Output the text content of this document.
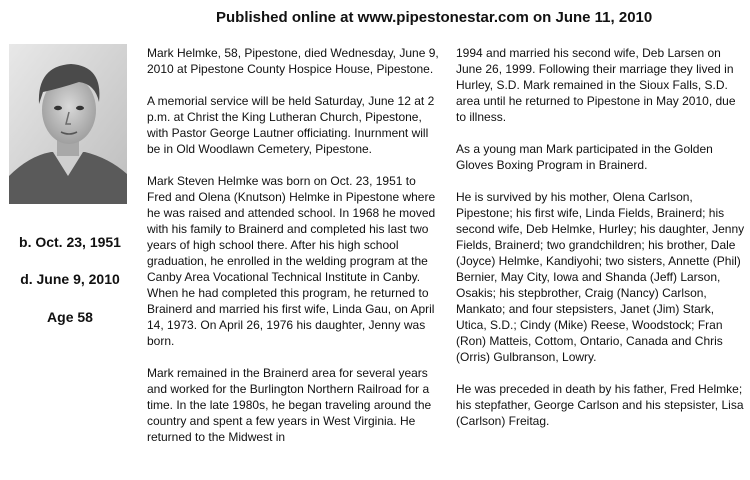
Published online at www.pipestonestar.com on June 11, 2010
b. Oct. 23, 1951
d. June 9, 2010
Age 58

Mark Helmke, 58, Pipestone, died Wednesday, June 9, 2010 at Pipestone County Hospice House, Pipestone.

A memorial service will be held Saturday, June 12 at 2 p.m. at Christ the King Lutheran Church, Pipestone, with Pastor George Lautner officiating. Inurnment will be in Old Woodlawn Cemetery, Pipestone.

Mark Steven Helmke was born on Oct. 23, 1951 to Fred and Olena (Knutson) Helmke in Pipestone where he was raised and attended school. In 1968 he moved with his family to Brainerd and completed his last two years of high school there. After his high school graduation, he enrolled in the welding program at the Canby Area Vocational Technical Institute in Canby. When he had completed this program, he returned to Brainerd and married his first wife, Linda Gau, on April 14, 1973. On April 26, 1976 his daughter, Jenny was born.

Mark remained in the Brainerd area for several years and worked for the Burlington Northern Railroad for a time. In the late 1980s, he began traveling around the country and spent a few years in West Virginia. He returned to the Midwest in

1994 and married his second wife, Deb Larsen on June 26, 1999. Following their marriage they lived in Hurley, S.D. Mark remained in the Sioux Falls, S.D. area until he returned to Pipestone in May 2010, due to illness.

As a young man Mark participated in the Golden Gloves Boxing Program in Brainerd.

He is survived by his mother, Olena Carlson, Pipestone; his first wife, Linda Fields, Brainerd; his second wife, Deb Helmke, Hurley; his daughter, Jenny Fields, Brainerd; two grandchildren; his brother, Dale (Joyce) Helmke, Kandiyohi; two sisters, Annette (Phil) Bernier, May City, Iowa and Shanda (Jeff) Larson, Osakis; his stepbrother, Craig (Nancy) Carlson, Mankato; and four stepsisters, Janet (Jim) Stark, Utica, S.D.; Cindy (Mike) Reese, Woodstock; Fran (Ron) Matteis, Cottom, Ontario, Canada and Chris (Orris) Gulbranson, Lowry.

He was preceded in death by his father, Fred Helmke; his stepfather, George Carlson and his stepsister, Lisa (Carlson) Freitag.
